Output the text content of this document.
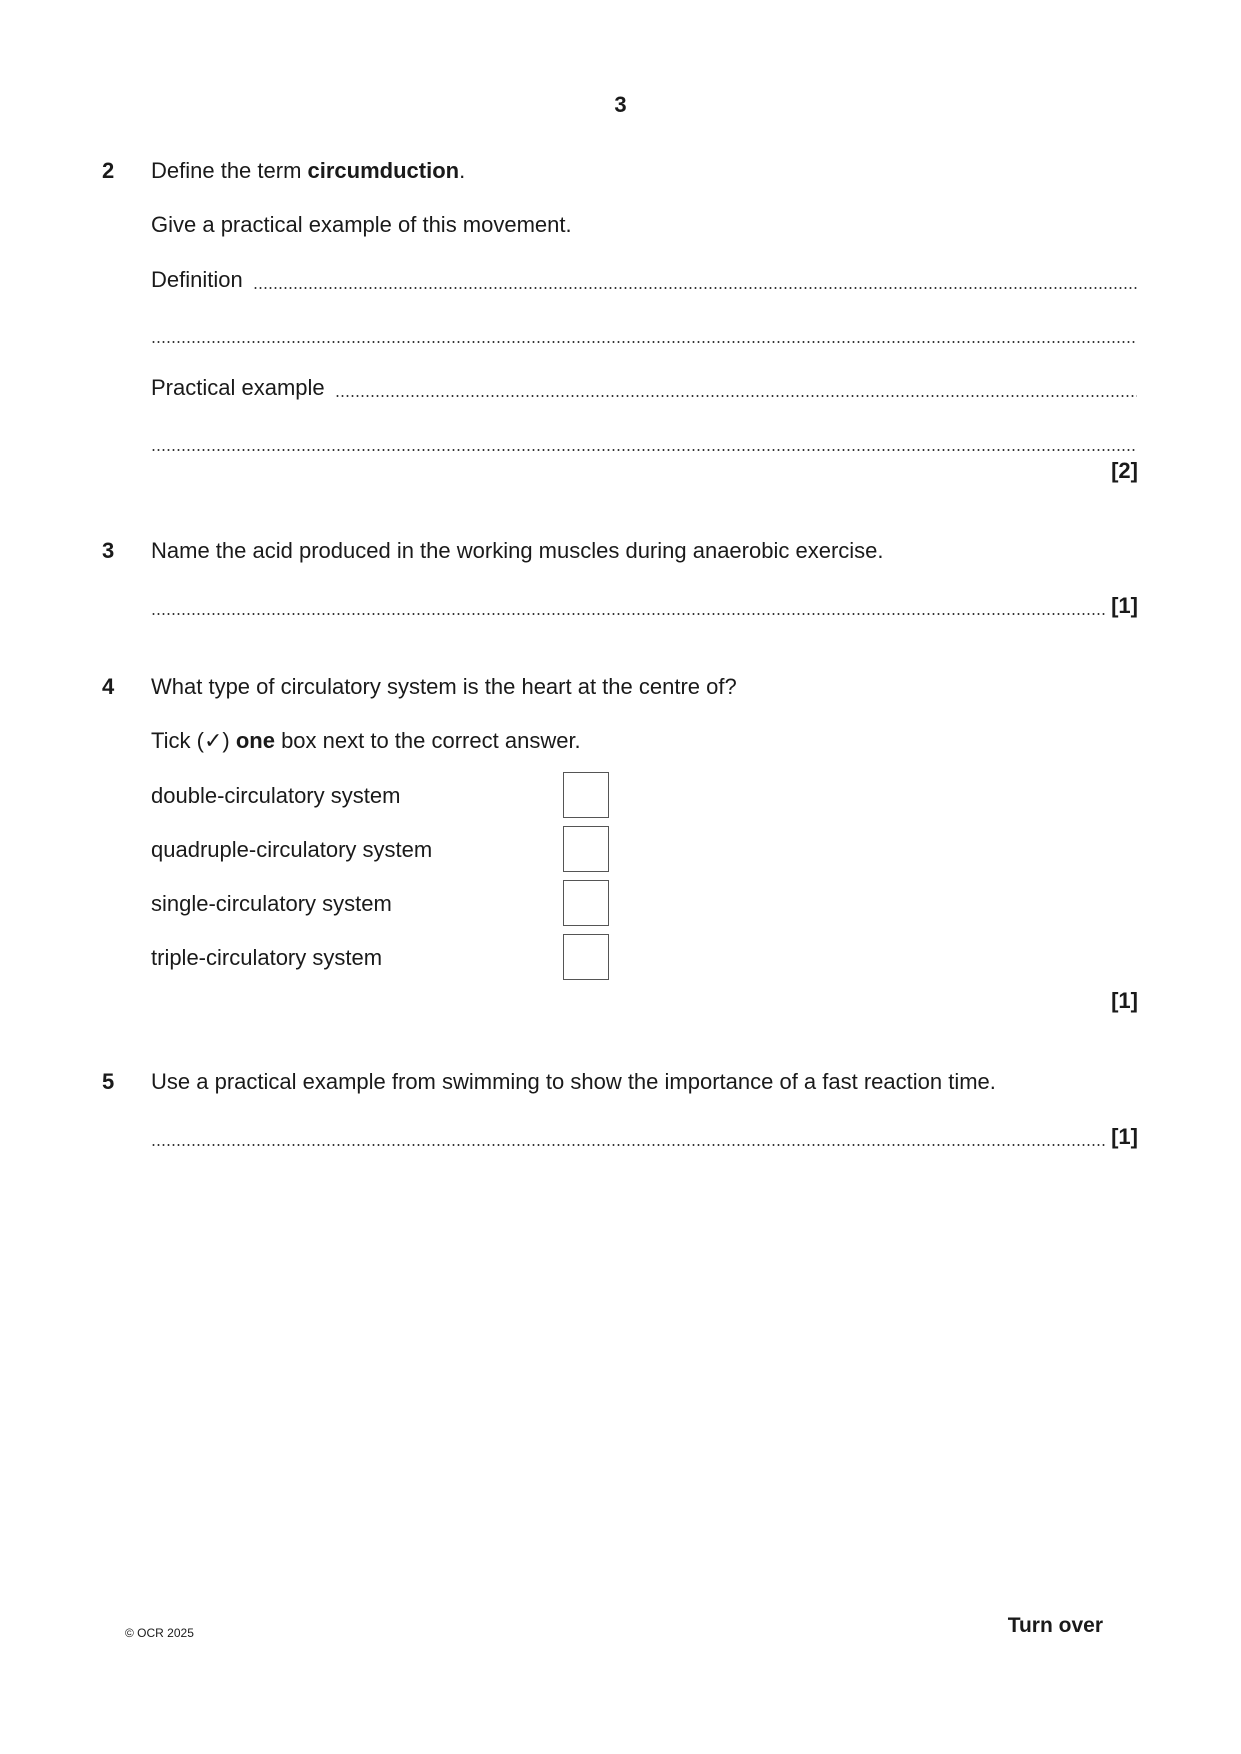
3
2 Define the term circumduction.
Give a practical example of this movement.
Definition
Practical example
[2]
3 Name the acid produced in the working muscles during anaerobic exercise.
[1]
4 What type of circulatory system is the heart at the centre of?
Tick (✓) one box next to the correct answer.
double-circulatory system
quadruple-circulatory system
single-circulatory system
triple-circulatory system
[1]
5 Use a practical example from swimming to show the importance of a fast reaction time.
[1]
© OCR 2025	Turn over
